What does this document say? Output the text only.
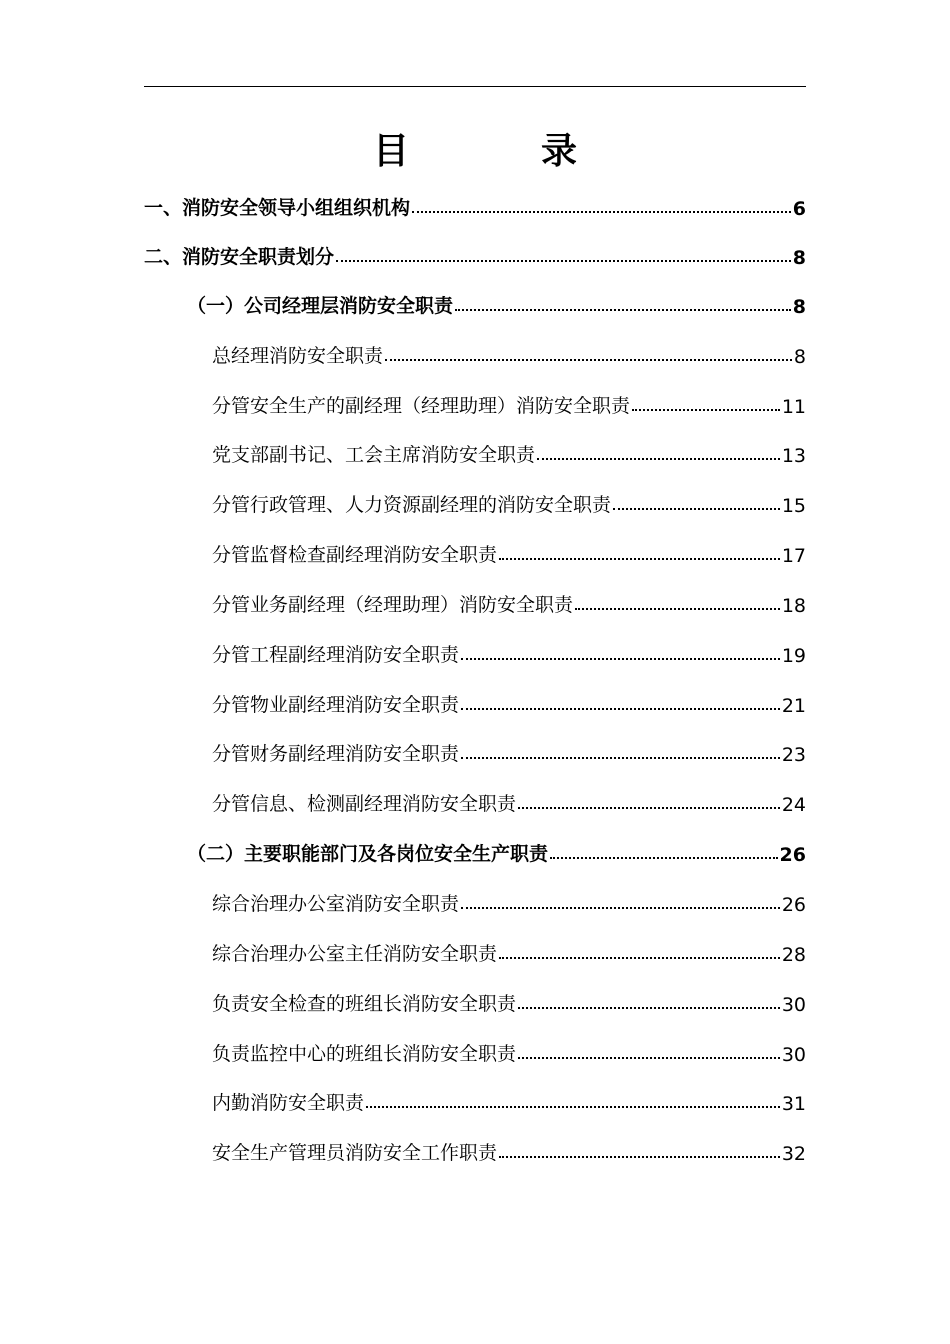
目　录
一、消防安全领导小组组织机构	6
二、消防安全职责划分	8
（一）公司经理层消防安全职责	8
总经理消防安全职责	8
分管安全生产的副经理（经理助理）消防安全职责	11
党支部副书记、工会主席消防安全职责	13
分管行政管理、人力资源副经理的消防安全职责	15
分管监督检查副经理消防安全职责	17
分管业务副经理（经理助理）消防安全职责	18
分管工程副经理消防安全职责	19
分管物业副经理消防安全职责	21
分管财务副经理消防安全职责	23
分管信息、检测副经理消防安全职责	24
（二）主要职能部门及各岗位安全生产职责	26
综合治理办公室消防安全职责	26
综合治理办公室主任消防安全职责	28
负责安全检查的班组长消防安全职责	30
负责监控中心的班组长消防安全职责	30
内勤消防安全职责	31
安全生产管理员消防安全工作职责	32
